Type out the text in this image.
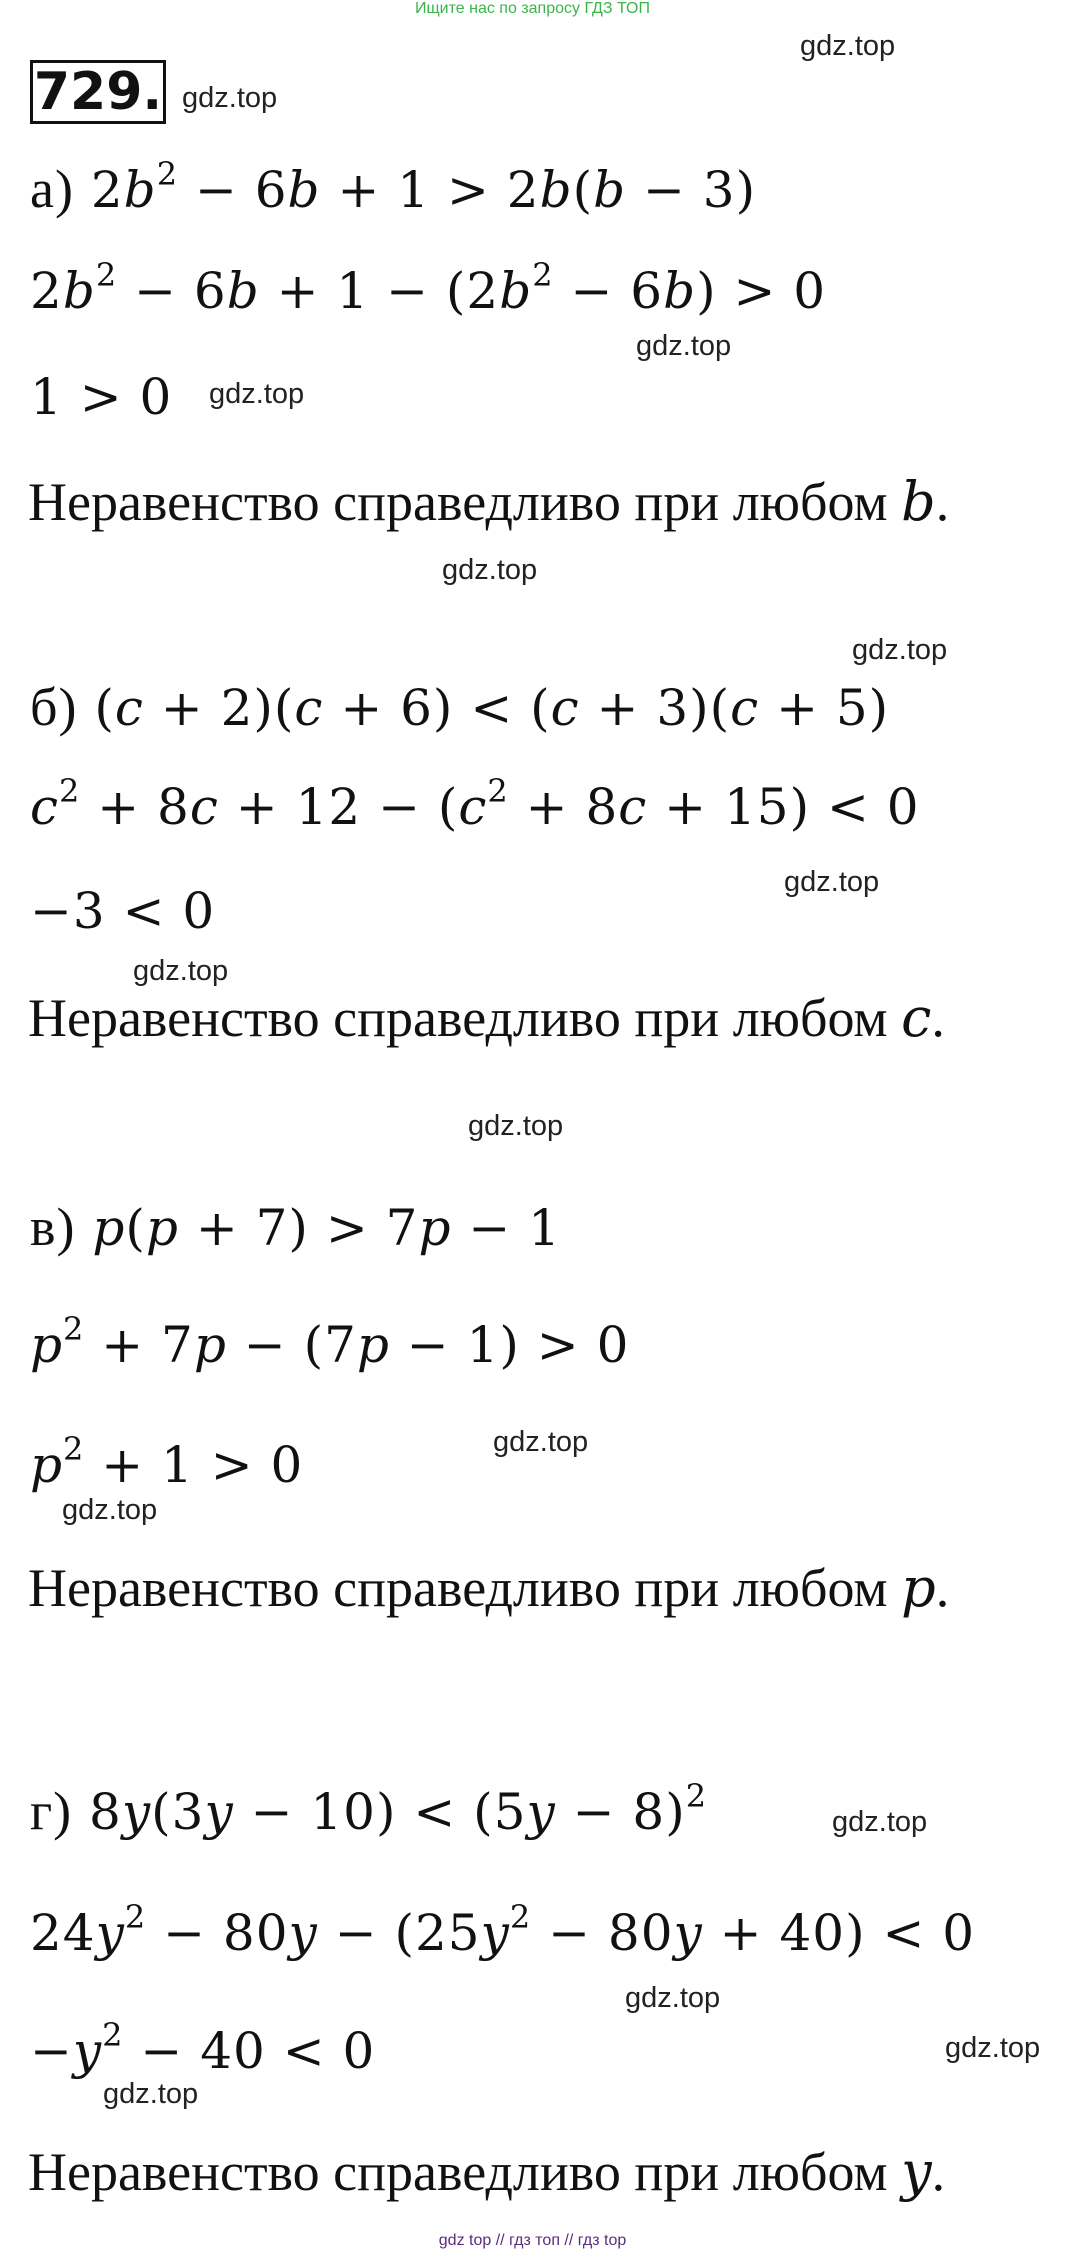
Ищите нас по запросу ГДЗ ТОП
gdz.top
gdz.top
gdz.top
gdz.top
gdz.top
gdz.top
gdz.top
gdz.top
gdz.top
gdz.top
gdz.top
gdz.top
gdz.top
gdz.top
gdz.top
729.
а) $2b^2 - 6b + 1 > 2b(b - 3)$
$2b^2 - 6b + 1 - (2b^2 - 6b) > 0$
1 > 0
Неравенство справедливо при любом b.
б) (c + 2)(c + 6) < (c + 3)(c + 5)
$c^2 + 8c + 12 - (c^2 + 8c + 15) < 0$
−3 < 0
Неравенство справедливо при любом c.
в) p(p + 7) > 7p − 1
$p^2 + 7p - (7p - 1) > 0$
$p^2 + 1 > 0$
Неравенство справедливо при любом p.
г) $8y(3y - 10) < (5y - 8)^2$
$24y^2 - 80y - (25y^2 - 80y + 40) < 0$
$-y^2 - 40 < 0$
Неравенство справедливо при любом y.
gdz top // гдз топ // гдз top
